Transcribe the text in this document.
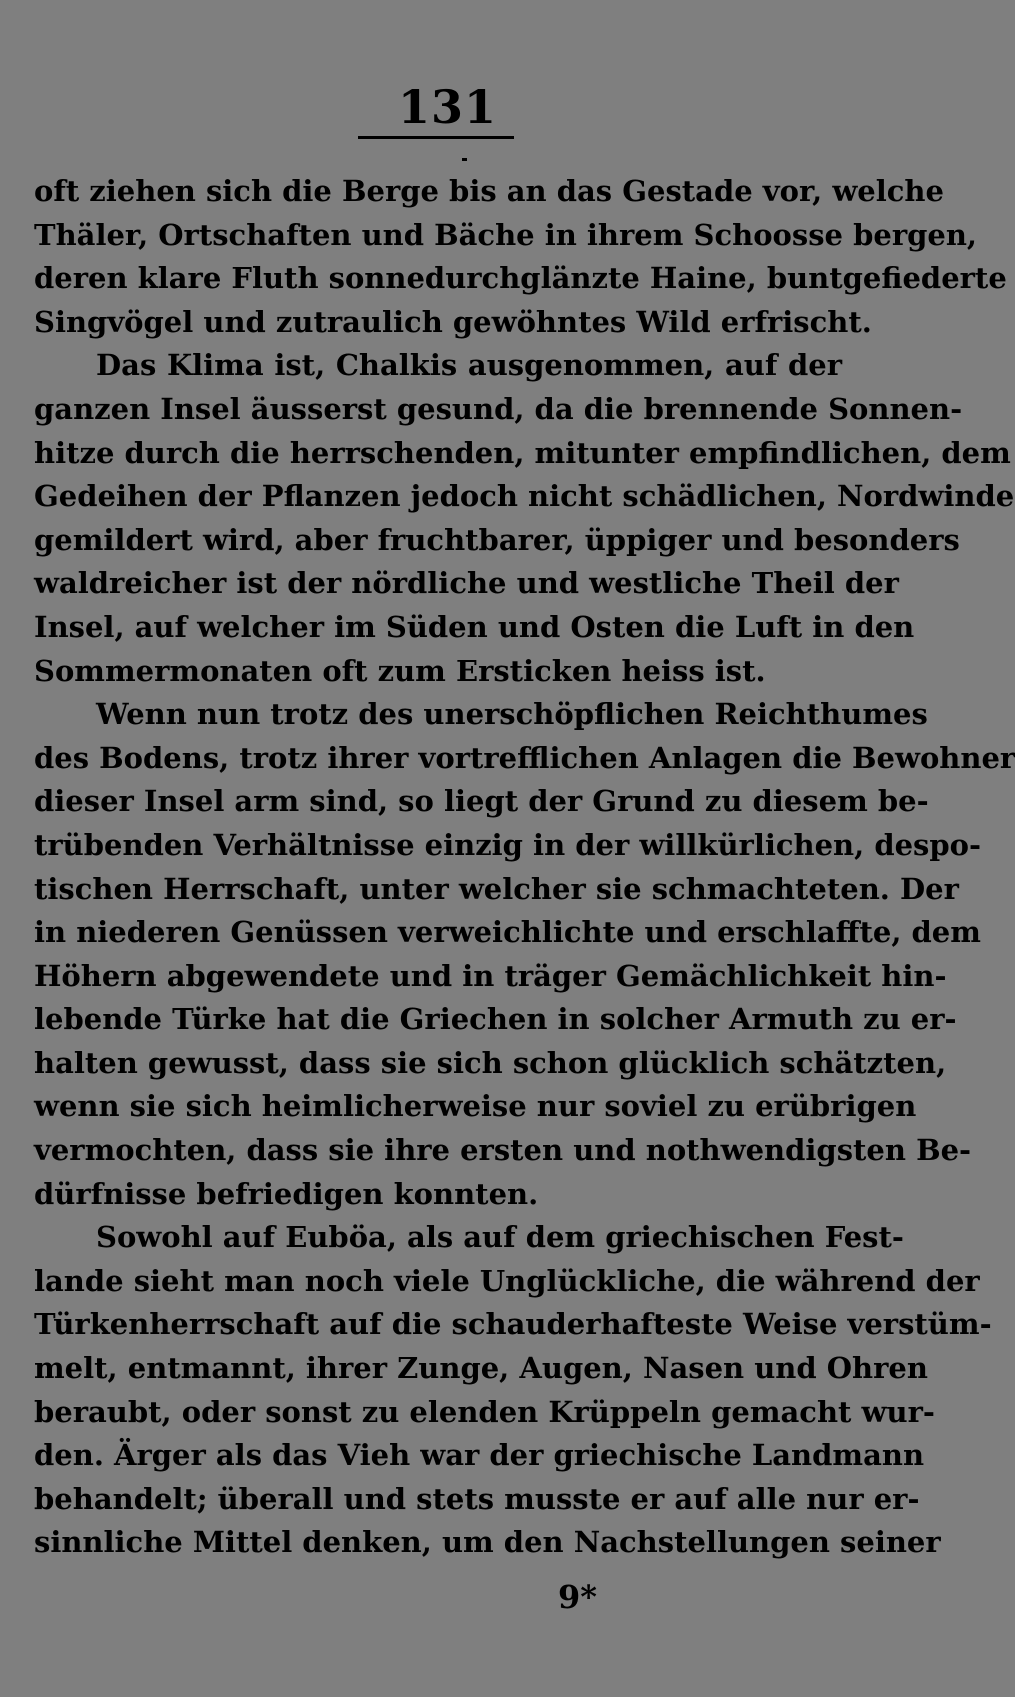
131
oft ziehen sich die Berge bis an das Gestade vor, welche
Thäler, Ortschaften und Bäche in ihrem Schoosse bergen,
deren klare Fluth sonnedurchglänzte Haine, buntgefiederte
Singvögel und zutraulich gewöhntes Wild erfrischt.
Das Klima ist, Chalkis ausgenommen, auf der
ganzen Insel äusserst gesund, da die brennende Sonnen-
hitze durch die herrschenden, mitunter empfindlichen, dem
Gedeihen der Pflanzen jedoch nicht schädlichen, Nordwinde
gemildert wird, aber fruchtbarer, üppiger und besonders
waldreicher ist der nördliche und westliche Theil der
Insel, auf welcher im Süden und Osten die Luft in den
Sommermonaten oft zum Ersticken heiss ist.
Wenn nun trotz des unerschöpflichen Reichthumes
des Bodens, trotz ihrer vortrefflichen Anlagen die Bewohner
dieser Insel arm sind, so liegt der Grund zu diesem be-
trübenden Verhältnisse einzig in der willkürlichen, despo-
tischen Herrschaft, unter welcher sie schmachteten. Der
in niederen Genüssen verweichlichte und erschlaffte, dem
Höhern abgewendete und in träger Gemächlichkeit hin-
lebende Türke hat die Griechen in solcher Armuth zu er-
halten gewusst, dass sie sich schon glücklich schätzten,
wenn sie sich heimlicherweise nur soviel zu erübrigen
vermochten, dass sie ihre ersten und nothwendigsten Be-
dürfnisse befriedigen konnten.
Sowohl auf Euböa, als auf dem griechischen Fest-
lande sieht man noch viele Unglückliche, die während der
Türkenherrschaft auf die schauderhafteste Weise verstüm-
melt, entmannt, ihrer Zunge, Augen, Nasen und Ohren
beraubt, oder sonst zu elenden Krüppeln gemacht wur-
den. Ärger als das Vieh war der griechische Landmann
behandelt; überall und stets musste er auf alle nur er-
sinnliche Mittel denken, um den Nachstellungen seiner
9*
